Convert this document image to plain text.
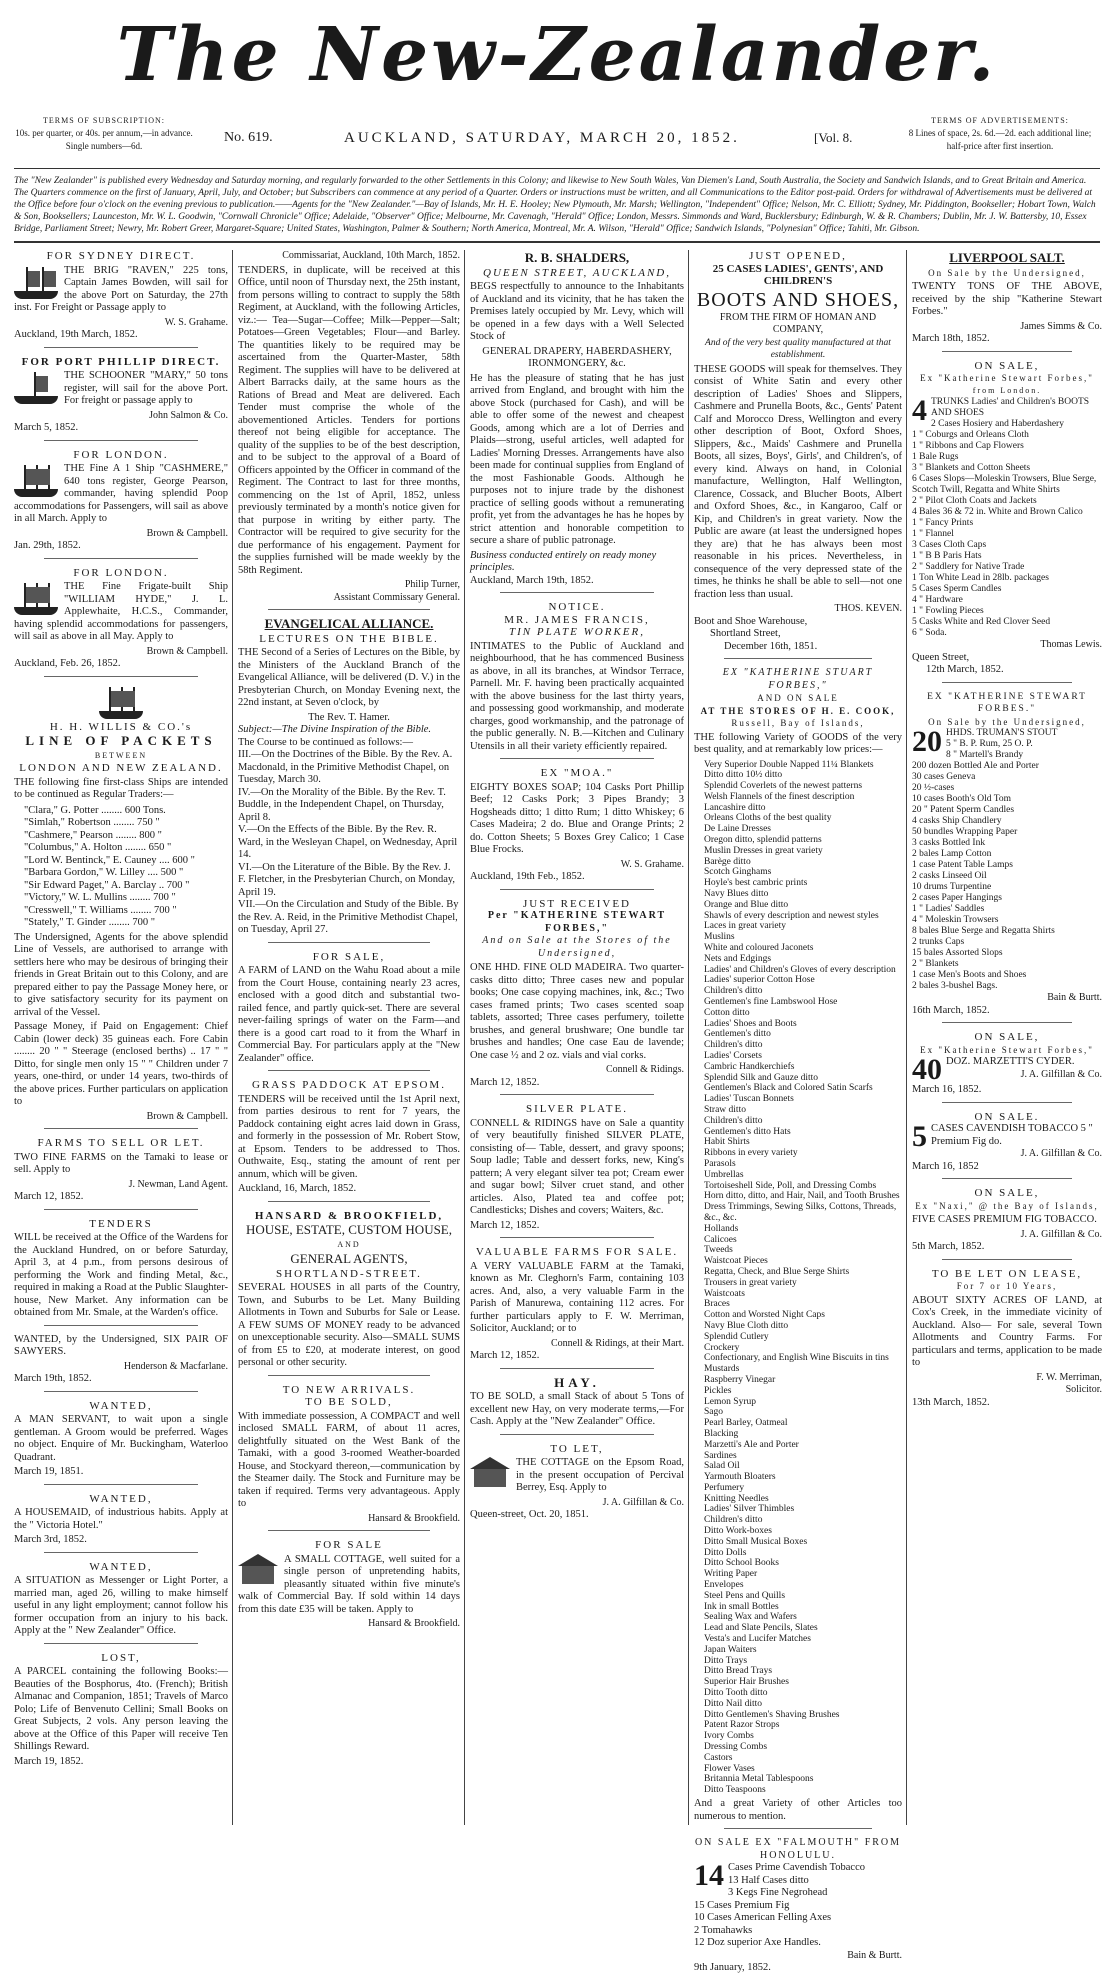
The New-Zealander.
TERMS OF SUBSCRIPTION:
10s. per quarter, or 40s. per annum,—in advance.
Single numbers—6d.
No. 619.	AUCKLAND, SATURDAY, MARCH 20, 1852.	[Vol. 8.
TERMS OF ADVERTISEMENTS:
8 Lines of space, 2s. 6d.—2d. each additional line;
half-price after first insertion.
The "New Zealander" is published every Wednesday and Saturday morning, and regularly forwarded to the other Settlements in this Colony; and likewise to New South Wales, Van Diemen's Land, South Australia, the Society and Sandwich Islands, and to Great Britain and America. The Quarters commence on the first of January, April, July, and October; but Subscribers can commence at any period of a Quarter. Orders or instructions must be written, and all Communications to the Editor post-paid. Orders for withdrawal of Advertisements must be delivered at the Office before four o'clock on the evening previous to publication.——Agents for the "New Zealander."—Bay of Islands, Mr. H. E. Hooley; New Plymouth, Mr. Marsh; Wellington, "Independent" Office; Nelson, Mr. C. Elliott; Sydney, Mr. Piddington, Bookseller; Hobart Town, Walch & Son, Booksellers; Launceston, Mr. W. L. Goodwin, "Cornwall Chronicle" Office; Adelaide, "Observer" Office; Melbourne, Mr. Cavenagh, "Herald" Office; London, Messrs. Simmonds and Ward, Bucklersbury; Edinburgh, W. & R. Chambers; Dublin, Mr. J. W. Battersby, 10, Essex Bridge, Parliament Street; Newry, Mr. Robert Greer, Margaret-Square; United States, Washington, Palmer & Southern; North America, Montreal, Mr. A. Wilson, "Herald" Office; Sandwich Islands, "Polynesian" Office; Tahiti, Mr. Gibson.
FOR SYDNEY DIRECT.

THE BRIG "RAVEN," 225 tons, Captain James Bowden, will sail for the above Port on Saturday, the 27th inst. For Freight or Passage apply to

W. S. Grahame.
Auckland, 19th March, 1852.
FOR PORT PHILLIP DIRECT.

THE SCHOONER "MARY," 50 tons register, will sail for the above Port. For freight or passage apply to

John Salmon & Co.
March 5, 1852.
FOR LONDON.

THE Fine A 1 Ship "CASHMERE," 640 tons register, George Pearson, commander, having splendid Poop accommodations for Passengers, will sail as above in all March. Apply to

Brown & Campbell.
Jan. 29th, 1852.
FOR LONDON.

THE Fine Frigate-built Ship "WILLIAM HYDE," J. L. Applewhaite, H.C.S., Commander, having splendid accommodations for passengers, will sail as above in all May. Apply to

Brown & Campbell.
Auckland, Feb. 26, 1852.
H. H. WILLIS & CO.'s
LINE OF PACKETS
BETWEEN
LONDON AND NEW ZEALAND.

THE following fine first-class Ships are intended to be continued as Regular Traders:—

"Clara," G. Potter ........ 600 Tons.
"Simlah," Robertson ........ 750 "
"Cashmere," Pearson ........ 800 "
"Columbus," A. Holton ........ 650 "
"Lord W. Bentinck," E. Cauney .... 600 "
"Barbara Gordon," W. Lilley .... 500 "
"Sir Edward Paget," A. Barclay .. 700 "
"Victory," W. L. Mullins ........ 700 "
"Cresswell," T. Williams ........ 700 "
"Stately," T. Ginder ........ 700 "

The Undersigned, Agents for the above splendid Line of Vessels, are authorised to arrange with settlers here who may be desirous of bringing their friends in Great Britain out to this Colony, and are prepared either to pay the Passage Money here, or to give satisfactory security for its payment on arrival of the Vessel.

Passage Money, if Paid on Engagement: Chief Cabin (lower deck) 35 guineas each. Fore Cabin ........ 20 " " Steerage (enclosed berths) .. 17 " " Ditto, for single men only 15 " " Children under 7 years, one-third, or under 14 years, two-thirds of the above prices. Further particulars on application to

Brown & Campbell.
FARMS TO SELL OR LET.

TWO FINE FARMS on the Tamaki to lease or sell. Apply to

J. Newman, Land Agent.
March 12, 1852.
TENDERS

WILL be received at the Office of the Wardens for the Auckland Hundred, on or before Saturday, April 3, at 4 p.m., from persons desirous of performing the Work and finding Metal, &c., required in making a Road at the Public Slaughter-house, New Market. Any information can be obtained from Mr. Smale, at the Warden's office.

WANTED, by the Undersigned, SIX PAIR OF SAWYERS.

Henderson & Macfarlane.
March 19th, 1852.
WANTED,

A MAN SERVANT, to wait upon a single gentleman. A Groom would be preferred. Wages no object. Enquire of Mr. Buckingham, Waterloo Quadrant.

March 19, 1851.
WANTED,

A HOUSEMAID, of industrious habits. Apply at the " Victoria Hotel."

March 3rd, 1852.
WANTED,

A SITUATION as Messenger or Light Porter, a married man, aged 26, willing to make himself useful in any light employment; cannot follow his former occupation from an injury to his back. Apply at the " New Zealander" Office.

LOST,

A PARCEL containing the following Books:— Beauties of the Bosphorus, 4to. (French); British Almanac and Companion, 1851; Travels of Marco Polo; Life of Benvenuto Cellini; Small Books on Great Subjects, 2 vols. Any person leaving the above at the Office of this Paper will receive Ten Shillings Reward.

March 19, 1852.
Commissariat, Auckland, 10th March, 1852.

TENDERS, in duplicate, will be received at this Office, until noon of Thursday next, the 25th instant, from persons willing to contract to supply the 58th Regiment, at Auckland, with the following Articles, viz.:— Tea—Sugar—Coffee; Milk—Pepper—Salt; Potatoes—Green Vegetables; Flour—and Barley. The quantities likely to be required may be ascertained from the Quarter-Master, 58th Regiment. The supplies will have to be delivered at Albert Barracks daily, at the same hours as the Rations of Bread and Meat are delivered. Each Tender must comprise the whole of the abovementioned Articles. Tenders for portions thereof not being eligible for acceptance. The quality of the supplies to be of the best description, and to be subject to the approval of a Board of Officers appointed by the Officer in command of the Regiment. The Contract to last for three months, commencing on the 1st of April, 1852, unless previously terminated by a month's notice given for that purpose in writing by either party. The Contractor will be required to give security for the due performance of his engagement. Payment for the supplies furnished will be made weekly by the 58th Regiment.

Philip Turner,
Assistant Commissary General.
EVANGELICAL ALLIANCE.
LECTURES ON THE BIBLE.

THE Second of a Series of Lectures on the Bible, by the Ministers of the Auckland Branch of the Evangelical Alliance, will be delivered (D. V.) in the Presbyterian Church, on Monday Evening next, the 22nd instant, at Seven o'clock, by

The Rev. T. Hamer.
Subject:—The Divine Inspiration of the Bible.
The Course to be continued as follows:—
III.—On the Doctrines of the Bible. By the Rev. A. Macdonald, in the Primitive Methodist Chapel, on Tuesday, March 30.
IV.—On the Morality of the Bible. By the Rev. T. Buddle, in the Independent Chapel, on Thursday, April 8.
V.—On the Effects of the Bible. By the Rev. R. Ward, in the Wesleyan Chapel, on Wednesday, April 14.
VI.—On the Literature of the Bible. By the Rev. J. F. Fletcher, in the Presbyterian Church, on Monday, April 19.
VII.—On the Circulation and Study of the Bible. By the Rev. A. Reid, in the Primitive Methodist Chapel, on Tuesday, April 27.
FOR SALE,

A FARM of LAND on the Wahu Road about a mile from the Court House, containing nearly 23 acres, enclosed with a good ditch and substantial two-railed fence, and partly quick-set. There are several never-failing springs of water on the Farm—and there is a good cart road to it from the Wharf in Commercial Bay. For particulars apply at the "New Zealander" office.

GRASS PADDOCK AT EPSOM.

TENDERS will be received until the 1st April next, from parties desirous to rent for 7 years, the Paddock containing eight acres laid down in Grass, and formerly in the possession of Mr. Robert Stow, at Epsom. Tenders to be addressed to Thos. Outhwaite, Esq., stating the amount of rent per annum, which will be given.

Auckland, 16, March, 1852.
HANSARD & BROOKFIELD,
HOUSE, ESTATE, CUSTOM HOUSE,
AND
GENERAL AGENTS,
SHORTLAND-STREET.

SEVERAL HOUSES in all parts of the Country, Town, and Suburbs to be Let. Many Building Allotments in Town and Suburbs for Sale or Lease. A FEW SUMS OF MONEY ready to be advanced on unexceptionable security. Also—SMALL SUMS of from £5 to £20, at moderate interest, on good personal or other security.

TO NEW ARRIVALS.
TO BE SOLD,

With immediate possession, A COMPACT and well inclosed SMALL FARM, of about 11 acres, delightfully situated on the West Bank of the Tamaki, with a good 3-roomed Weather-boarded House, and Stockyard thereon,—communication by the Steamer daily. The Stock and Furniture may be taken if required. Terms very advantageous. Apply to

Hansard & Brookfield.
FOR SALE

A SMALL COTTAGE, well suited for a single person of unpretending habits, pleasantly situated within five minute's walk of Commercial Bay. If sold within 14 days from this date £35 will be taken. Apply to

Hansard & Brookfield.
R. B. SHALDERS,
QUEEN STREET, AUCKLAND,

BEGS respectfully to announce to the Inhabitants of Auckland and its vicinity, that he has taken the Premises lately occupied by Mr. Levy, which will be opened in a few days with a Well Selected Stock of

GENERAL DRAPERY, HABERDASHERY, IRONMONGERY, &c.

He has the pleasure of stating that he has just arrived from England, and brought with him the above Stock (purchased for Cash), and will be able to offer some of the newest and cheapest Goods, among which are a lot of Derries and Plaids—strong, useful articles, well adapted for Ladies' Morning Dresses. Arrangements have also been made for continual supplies from England of the most Fashionable Goods. Although he purposes not to injure trade by the dishonest practice of selling goods without a remunerating profit, yet from the advantages he has he hopes by strict attention and honorable competition to secure a share of public patronage.

Business conducted entirely on ready money principles.
Auckland, March 19th, 1852.
NOTICE.
MR. JAMES FRANCIS,
TIN PLATE WORKER,

INTIMATES to the Public of Auckland and neighbourhood, that he has commenced Business as above, in all its branches, at Windsor Terrace, Parnell. Mr. F. having been practically acquainted with the above business for the last thirty years, and possessing good workmanship, and moderate charges, good workmanship, and the patronage of the public generally. N. B.—Kitchen and Culinary Utensils in all their variety efficiently repaired.

EX "MOA."

EIGHTY BOXES SOAP; 104 Casks Port Phillip Beef; 12 Casks Pork; 3 Pipes Brandy; 3 Hogsheads ditto; 1 ditto Rum; 1 ditto Whiskey; 6 Cases Madeira; 2 do. Blue and Orange Prints; 2 do. Cotton Sheets; 5 Boxes Grey Calico; 1 Case Blue Frocks.

W. S. Grahame.
Auckland, 19th Feb., 1852.
JUST RECEIVED
Per "KATHERINE STEWART FORBES,"
And on Sale at the Stores of the Undersigned,

ONE HHD. FINE OLD MADEIRA. Two quarter-casks ditto ditto; Three cases new and popular books; One case copying machines, ink, &c.; Two cases framed prints; Two cases scented soap tablets, assorted; Three cases perfumery, toilette brushes, and general brushware; One bundle tar brushes and handles; One case Eau de lavende; One case ½ and 2 oz. vials and vial corks.

Connell & Ridings.
March 12, 1852.
SILVER PLATE.

CONNELL & RIDINGS have on Sale a quantity of very beautifully finished SILVER PLATE, consisting of— Table, dessert, and gravy spoons; Soup ladle; Table and dessert forks, new, King's pattern; A very elegant silver tea pot; Cream ewer and sugar bowl; Silver cruet stand, and other articles. Also, Plated tea and coffee pot; Candlesticks; Dishes and covers; Waiters, &c.

March 12, 1852.
VALUABLE FARMS FOR SALE.

A VERY VALUABLE FARM at the Tamaki, known as Mr. Cleghorn's Farm, containing 103 acres. And, also, a very valuable Farm in the Parish of Manurewa, containing 112 acres. For further particulars apply to F. W. Merriman, Solicitor, Auckland; or to

Connell & Ridings, at their Mart.
March 12, 1852.
HAY.

TO BE SOLD, a small Stack of about 5 Tons of excellent new Hay, on very moderate terms,—For Cash. Apply at the "New Zealander" Office.

TO LET,

THE COTTAGE on the Epsom Road, in the present occupation of Percival Berrey, Esq. Apply to

J. A. Gilfillan & Co.
Queen-street, Oct. 20, 1851.
JUST OPENED,
25 CASES LADIES', GENTS', AND CHILDREN'S
BOOTS AND SHOES,
FROM THE FIRM OF HOMAN AND COMPANY,
And of the very best quality manufactured at that establishment.

THESE GOODS will speak for themselves. They consist of White Satin and every other description of Ladies' Shoes and Slippers, Cashmere and Prunella Boots, &c., Gents' Patent Calf and Morocco Dress, Wellington and every other description of Boot, Oxford Shoes, Slippers, &c., Maids' Cashmere and Prunella Boots, all sizes, Boys', Girls', and Children's, of every kind. Always on hand, in Colonial manufacture, Wellington, Half Wellington, Clarence, Cossack, and Blucher Boots, Albert and Oxford Shoes, &c., in Kangaroo, Calf or Kip, and Children's in great variety. Now the Public are aware (at least the undersigned hopes they are) that he has always been most reasonable in his prices. Nevertheless, in consequence of the very depressed state of the times, he thinks he shall be able to sell—not one fraction less than usual.

THOS. KEVEN.
Boot and Shoe Warehouse,
Shortland Street,
December 16th, 1851.
EX "KATHERINE STUART FORBES,"
AND ON SALE
AT THE STORES OF H. E. COOK,
Russell, Bay of Islands,

THE following Variety of GOODS of the very best quality, and at remarkably low prices:—

Very Superior Double Napped 11¼ Blankets
Ditto ditto 10½ ditto
Splendid Coverlets of the newest patterns
Welsh Flannels of the finest description
Lancashire ditto
Orleans Cloths of the best quality
De Laine Dresses
Oregon ditto, splendid patterns
Muslin Dresses in great variety
Barège ditto
Scotch Ginghams
Hoyle's best cambric prints
Navy Blues ditto
Orange and Blue ditto
Shawls of every description and newest styles
Laces in great variety
Muslins
White and coloured Jaconets
Nets and Edgings
Ladies' and Children's Gloves of every description
Ladies' superior Cotton Hose
Children's ditto
Gentlemen's fine Lambswool Hose
Cotton ditto
Ladies' Shoes and Boots
Gentlemen's ditto
Children's ditto
Ladies' Corsets
Cambric Handkerchiefs
Splendid Silk and Gauze ditto
Gentlemen's Black and Colored Satin Scarfs
Ladies' Tuscan Bonnets
Straw ditto
Children's ditto
Gentlemen's ditto Hats
Habit Shirts
Ribbons in every variety
Parasols
Umbrellas
Tortoiseshell Side, Poll, and Dressing Combs
Horn ditto, ditto, and Hair, Nail, and Tooth Brushes
Dress Trimmings, Sewing Silks, Cottons, Threads, &c., &c.
Hollands
Calicoes
Tweeds
Waistcoat Pieces
Regatta, Check, and Blue Serge Shirts
Trousers in great variety
Waistcoats
Braces
Cotton and Worsted Night Caps
Navy Blue Cloth ditto
Splendid Cutlery
Crockery
Confectionary, and English Wine Biscuits in tins
Mustards
Raspberry Vinegar
Pickles
Lemon Syrup
Sago
Pearl Barley, Oatmeal
Blacking
Marzetti's Ale and Porter
Sardines
Salad Oil
Yarmouth Bloaters
Perfumery
Knitting Needles
Ladies' Silver Thimbles
Children's ditto
Ditto Work-boxes
Ditto Small Musical Boxes
Ditto Dolls
Ditto School Books
Writing Paper
Envelopes
Steel Pens and Quills
Ink in small Bottles
Sealing Wax and Wafers
Lead and Slate Pencils, Slates
Vesta's and Lucifer Matches
Japan Waiters
Ditto Trays
Ditto Bread Trays
Superior Hair Brushes
Ditto Tooth ditto
Ditto Nail ditto
Ditto Gentlemen's Shaving Brushes
Patent Razor Strops
Ivory Combs
Dressing Combs
Castors
Flower Vases
Britannia Metal Tablespoons
Ditto Teaspoons

And a great Variety of other Articles too numerous to mention.

ON SALE EX "FALMOUTH" FROM HONOLULU.
14 Cases Prime Cavendish Tobacco
13 Half Cases ditto
3 Kegs Fine Negrohead
15 Cases Premium Fig
10 Cases American Felling Axes
2 Tomahawks
12 Doz superior Axe Handles.
Bain & Burtt.
9th January, 1852.
LIVERPOOL SALT.
On Sale by the Undersigned,

TWENTY TONS OF THE ABOVE, received by the ship "Katherine Stewart Forbes."

James Simms & Co.
March 18th, 1852.
ON SALE,
Ex "Katherine Stewart Forbes,"
from London.
4 TRUNKS Ladies' and Children's BOOTS AND SHOES
2 Cases Hosiery and Haberdashery
1 " Coburgs and Orleans Cloth
1 " Ribbons and Cap Flowers
1 Bale Rugs
3 " Blankets and Cotton Sheets
6 Cases Slops—Moleskin Trowsers, Blue Serge, Scotch Twill, Regatta and White Shirts
2 " Pilot Cloth Coats and Jackets
4 Bales 36 & 72 in. White and Brown Calico
1 " Fancy Prints
1 " Flannel
3 Cases Cloth Caps
1 " B B Paris Hats
2 " Saddlery for Native Trade
1 Ton White Lead in 28lb. packages
5 Cases Sperm Candles
4 " Hardware
1 " Fowling Pieces
5 Casks White and Red Clover Seed
6 " Soda.
Thomas Lewis.
Queen Street,
12th March, 1852.
EX "KATHERINE STEWART FORBES."
On Sale by the Undersigned,
20 HHDS. TRUMAN'S STOUT
5 " B. P. Rum, 25 O. P.
8 " Martell's Brandy
200 dozen Bottled Ale and Porter
30 cases Geneva
20 ½-cases
10 cases Booth's Old Tom
20 " Patent Sperm Candles
4 casks Ship Chandlery
50 bundles Wrapping Paper
3 casks Bottled Ink
2 bales Lamp Cotton
1 case Patent Table Lamps
2 casks Linseed Oil
10 drums Turpentine
2 cases Paper Hangings
1 " Ladies' Saddles
4 " Moleskin Trowsers
8 bales Blue Serge and Regatta Shirts
2 trunks Caps
15 bales Assorted Slops
2 " Blankets
1 case Men's Boots and Shoes
2 bales 3-bushel Bags.
Bain & Burtt.
16th March, 1852.
ON SALE,
Ex "Katherine Stewart Forbes,"
40 DOZ. MARZETTI'S CYDER.
J. A. Gilfillan & Co.
March 16, 1852.
ON SALE.
5 CASES CAVENDISH TOBACCO 5 " Premium Fig do.
J. A. Gilfillan & Co.
March 16, 1852
ON SALE,
Ex "Naxi," @ the Bay of Islands,

FIVE CASES PREMIUM FIG TOBACCO.

J. A. Gilfillan & Co.
5th March, 1852.
TO BE LET ON LEASE,
For 7 or 10 Years,

ABOUT SIXTY ACRES OF LAND, at Cox's Creek, in the immediate vicinity of Auckland. Also— For sale, several Town Allotments and Country Farms. For particulars and terms, application to be made to

F. W. Merriman,
Solicitor.
13th March, 1852.
